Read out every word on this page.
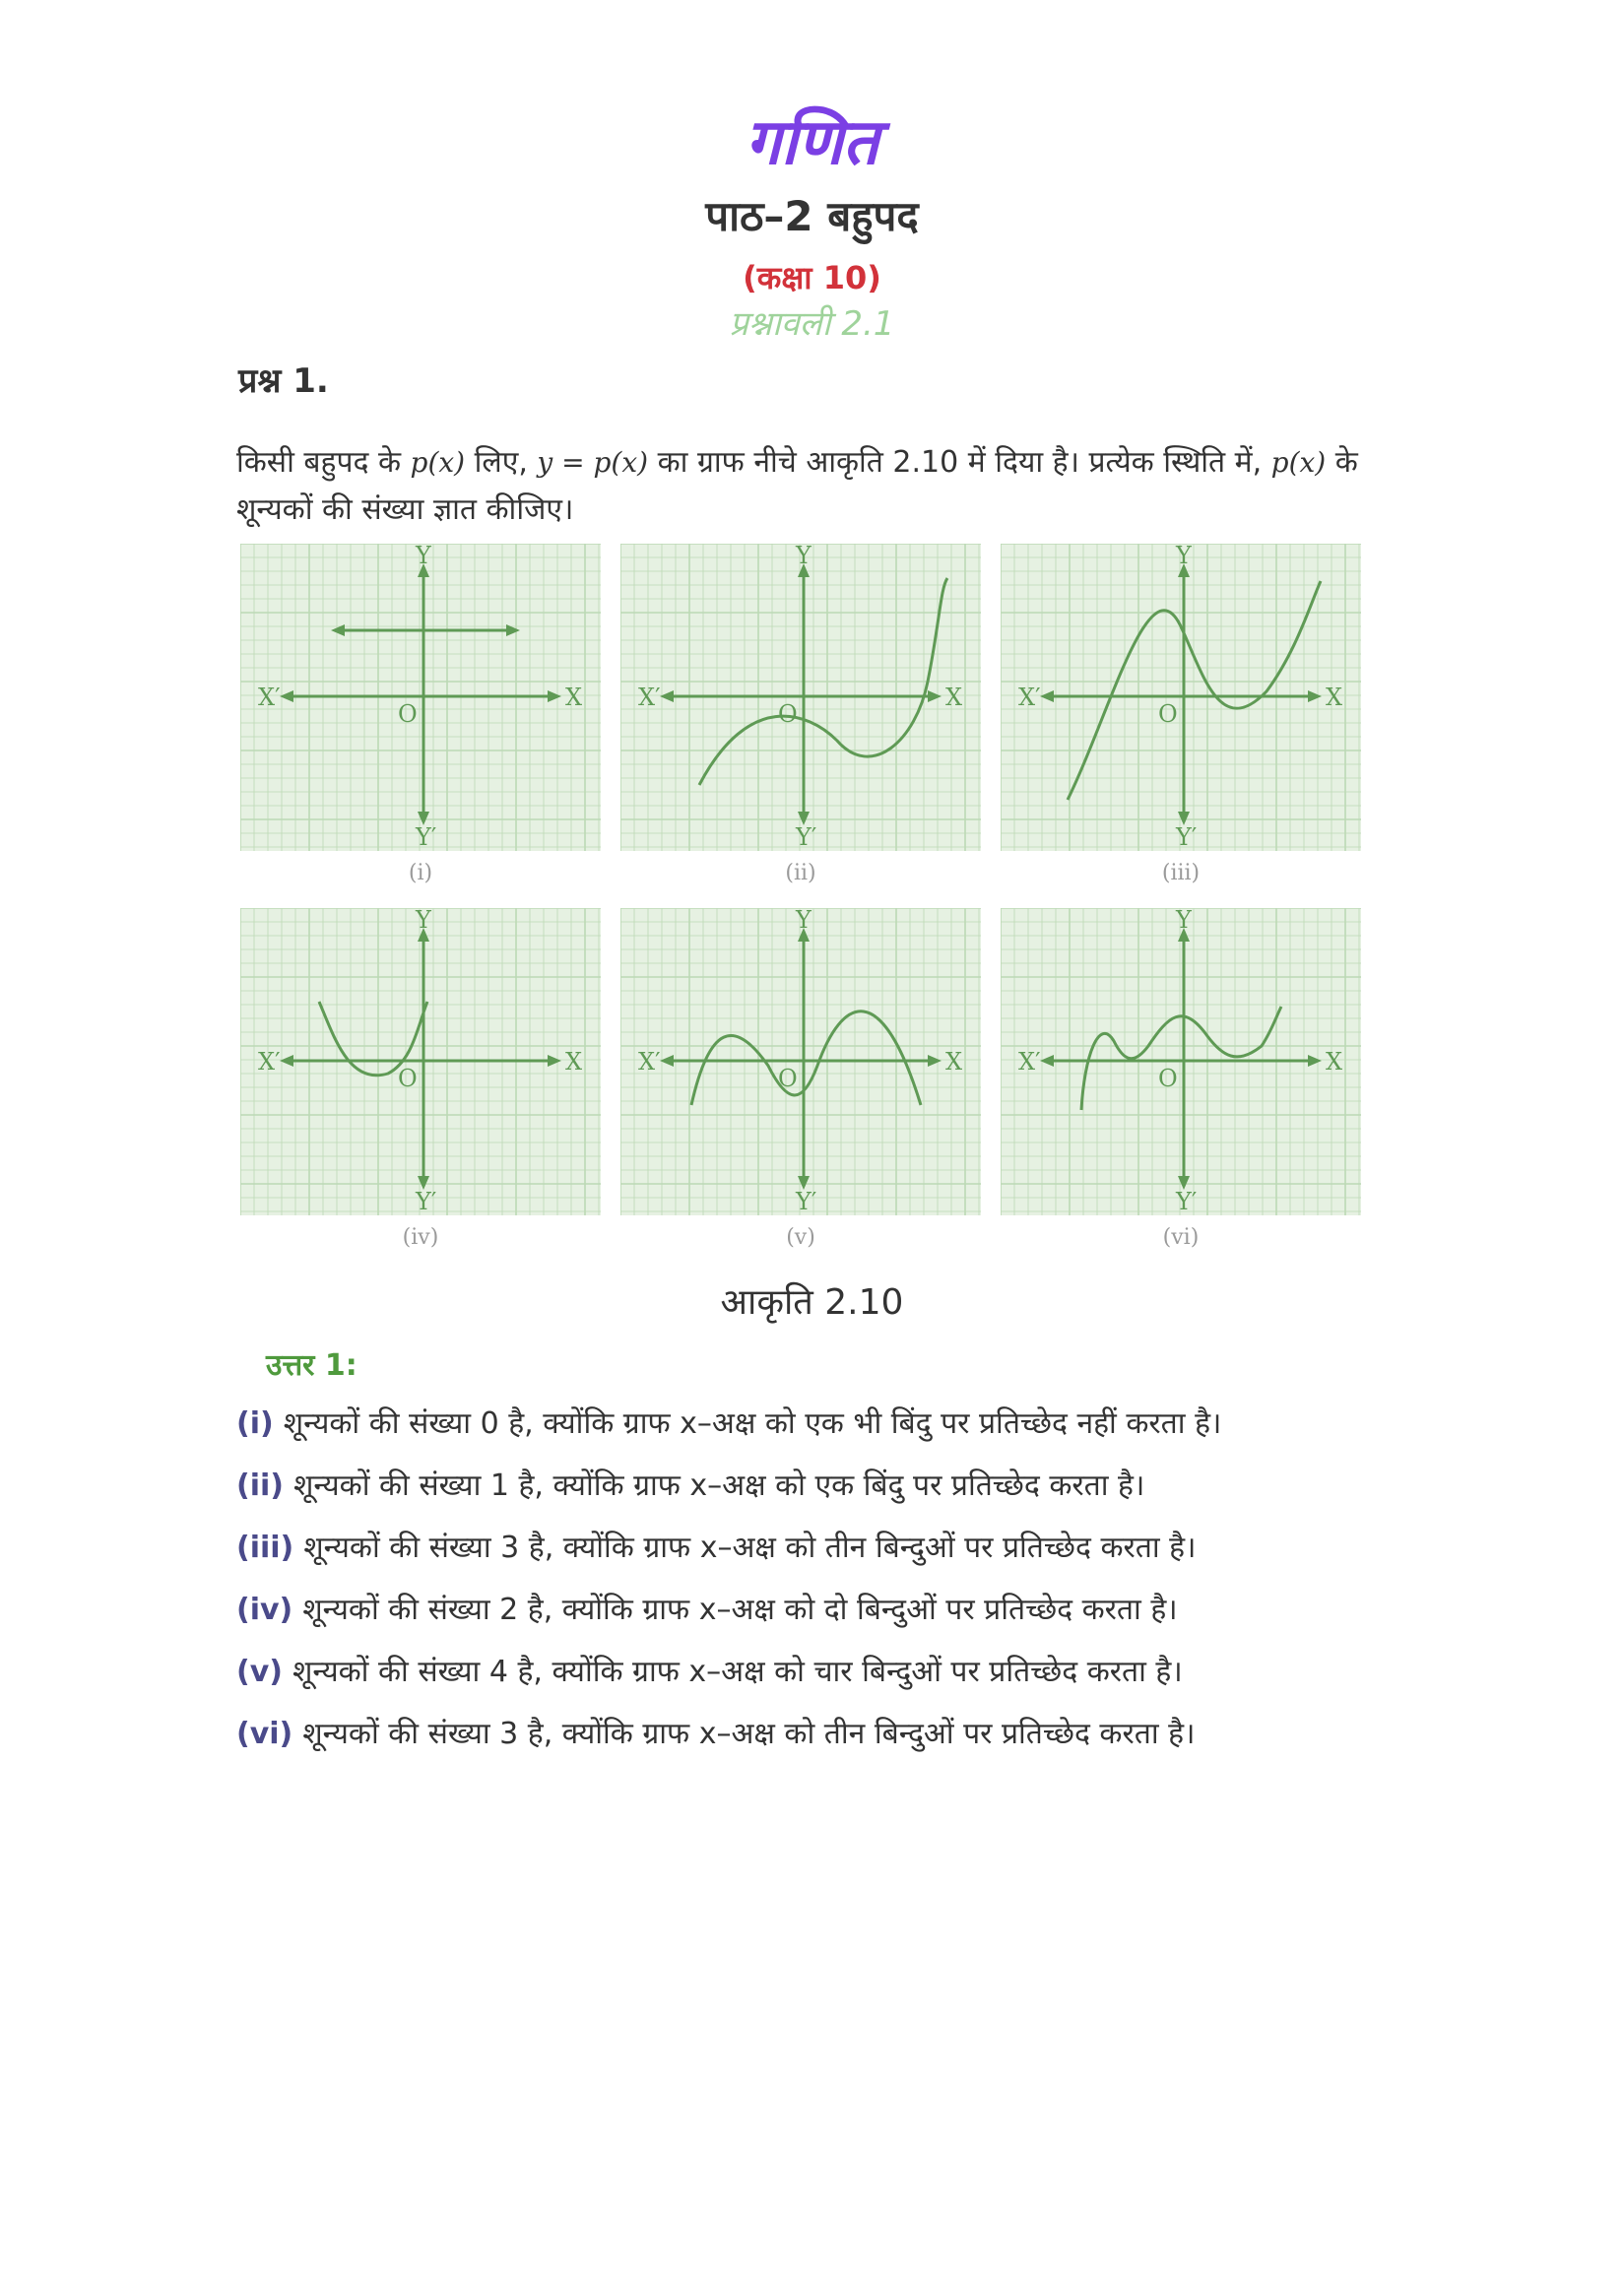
गणित
पाठ–2 बहुपद
(कक्षा 10)
प्रश्नावली 2.1
प्रश्न 1.
किसी बहुपद के p(x) लिए, y = p(x) का ग्राफ नीचे आकृति 2.10 में दिया है। प्रत्येक स्थिति में, p(x) के शून्यकों की संख्या ज्ञात कीजिए।
X
X′
Y
Y′
O
(i)
X
X′
Y
Y′
O
(ii)
X
X′
Y
Y′
O
(iii)
X
X′
Y
Y′
O
(iv)
X
X′
Y
Y′
O
(v)
X
X′
Y
Y′
O
(vi)
आकृति 2.10
उत्तर 1:
(i) शून्यकों की संख्या 0 है, क्योंकि ग्राफ x–अक्ष को एक भी बिंदु पर प्रतिच्छेद नहीं करता है।
(ii) शून्यकों की संख्या 1 है, क्योंकि ग्राफ x–अक्ष को एक बिंदु पर प्रतिच्छेद करता है।
(iii) शून्यकों की संख्या 3 है, क्योंकि ग्राफ x–अक्ष को तीन बिन्दुओं पर प्रतिच्छेद करता है।
(iv) शून्यकों की संख्या 2 है, क्योंकि ग्राफ x–अक्ष को दो बिन्दुओं पर प्रतिच्छेद करता है।
(v) शून्यकों की संख्या 4 है, क्योंकि ग्राफ x–अक्ष को चार बिन्दुओं पर प्रतिच्छेद करता है।
(vi) शून्यकों की संख्या 3 है, क्योंकि ग्राफ x–अक्ष को तीन बिन्दुओं पर प्रतिच्छेद करता है।
